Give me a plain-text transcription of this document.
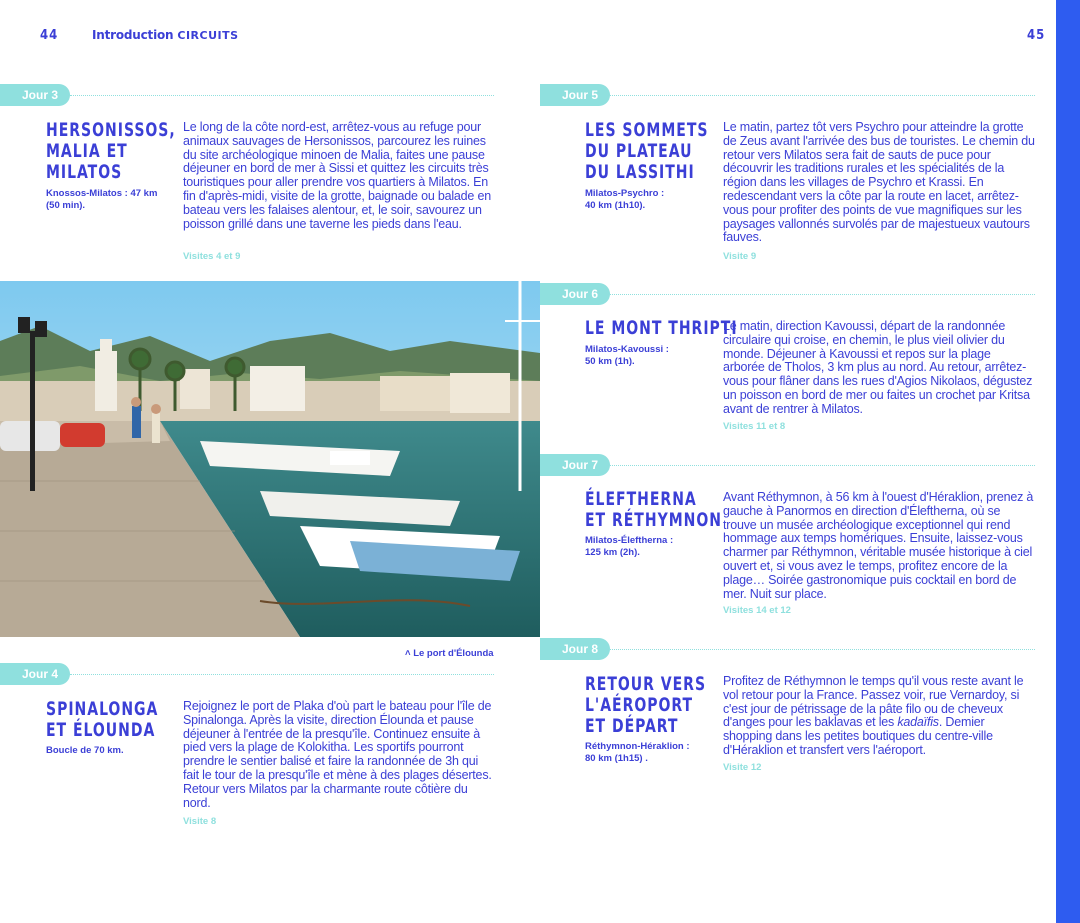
44	Introduction CIRCUITS	45
Jour 3
HERSONISSOS,
MALIA ET
MILATOS
Knossos-Milatos : 47 km
(50 min).
Le long de la côte nord-est, arrêtez-vous au refuge pour animaux sauvages de Hersonissos, parcourez les ruines du site archéologique minoen de Malia, faites une pause déjeuner en bord de mer à Sissi et quittez les circuits très touristiques pour aller prendre vos quartiers à Milatos. En fin d'après-midi, visite de la grotte, baignade ou balade en bateau vers les falaises alentour, et, le soir, savourez un poisson grillé dans une taverne les pieds dans l'eau.
Visites 4 et 9
˄ Le port d'Élounda
Jour 4
SPINALONGA
ET ÉLOUNDA
Boucle de 70 km.
Rejoignez le port de Plaka d'où part le bateau pour l'île de Spinalonga. Après la visite, direction Élounda et pause déjeuner à l'entrée de la presqu'île. Continuez ensuite à pied vers la plage de Kolokitha. Les sportifs pourront prendre le sentier balisé et faire la randonnée de 3h qui fait le tour de la presqu'île et mène à des plages désertes. Retour vers Milatos par la charmante route côtière du nord.
Visite 8
Jour 5
LES SOMMETS
DU PLATEAU
DU LASSITHI
Milatos-Psychro :
40 km (1h10).
Le matin, partez tôt vers Psychro pour atteindre la grotte de Zeus avant l'arrivée des bus de touristes. Le chemin du retour vers Milatos sera fait de sauts de puce pour découvrir les traditions rurales et les spécialités de la région dans les villages de Psychro et Krassi. En redescendant vers la côte par la route en lacet, arrêtez-vous pour profiter des points de vue magnifiques sur les paysages vallonnés survolés par de majestueux vautours fauves.
Visite 9
Jour 6
LE MONT THRIPTI
Milatos-Kavoussi :
50 km (1h).
Le matin, direction Kavoussi, départ de la randonnée circulaire qui croise, en chemin, le plus vieil olivier du monde. Déjeuner à Kavoussi et repos sur la plage arborée de Tholos, 3 km plus au nord. Au retour, arrêtez-vous pour flâner dans les rues d'Agios Nikolaos, dégustez un poisson en bord de mer ou faites un crochet par Kritsa avant de rentrer à Milatos.
Visites 11 et 8
Jour 7
ÉLEFTHERNA
ET RÉTHYMNON
Milatos-Éleftherna :
125 km (2h).
Avant Réthymnon, à 56 km à l'ouest d'Héraklion, prenez à gauche à Panormos en direction d'Éleftherna, où se trouve un musée archéologique exceptionnel qui rend hommage aux temps homériques. Ensuite, laissez-vous charmer par Réthymnon, véritable musée historique à ciel ouvert et, si vous avez le temps, profitez encore de la plage… Soirée gastronomique puis cocktail en bord de mer. Nuit sur place.
Visites 14 et 12
Jour 8
RETOUR VERS
L'AÉROPORT
ET DÉPART
Réthymnon-Héraklion :
80 km (1h15) .
Profitez de Réthymnon le temps qu'il vous reste avant le vol retour pour la France. Passez voir, rue Vernardoy, si c'est jour de pétrissage de la pâte filo ou de cheveux d'anges pour les baklavas et les kadaïfis. Demier shopping dans les petites boutiques du centre-ville d'Héraklion et transfert vers l'aéroport.
Visite 12
